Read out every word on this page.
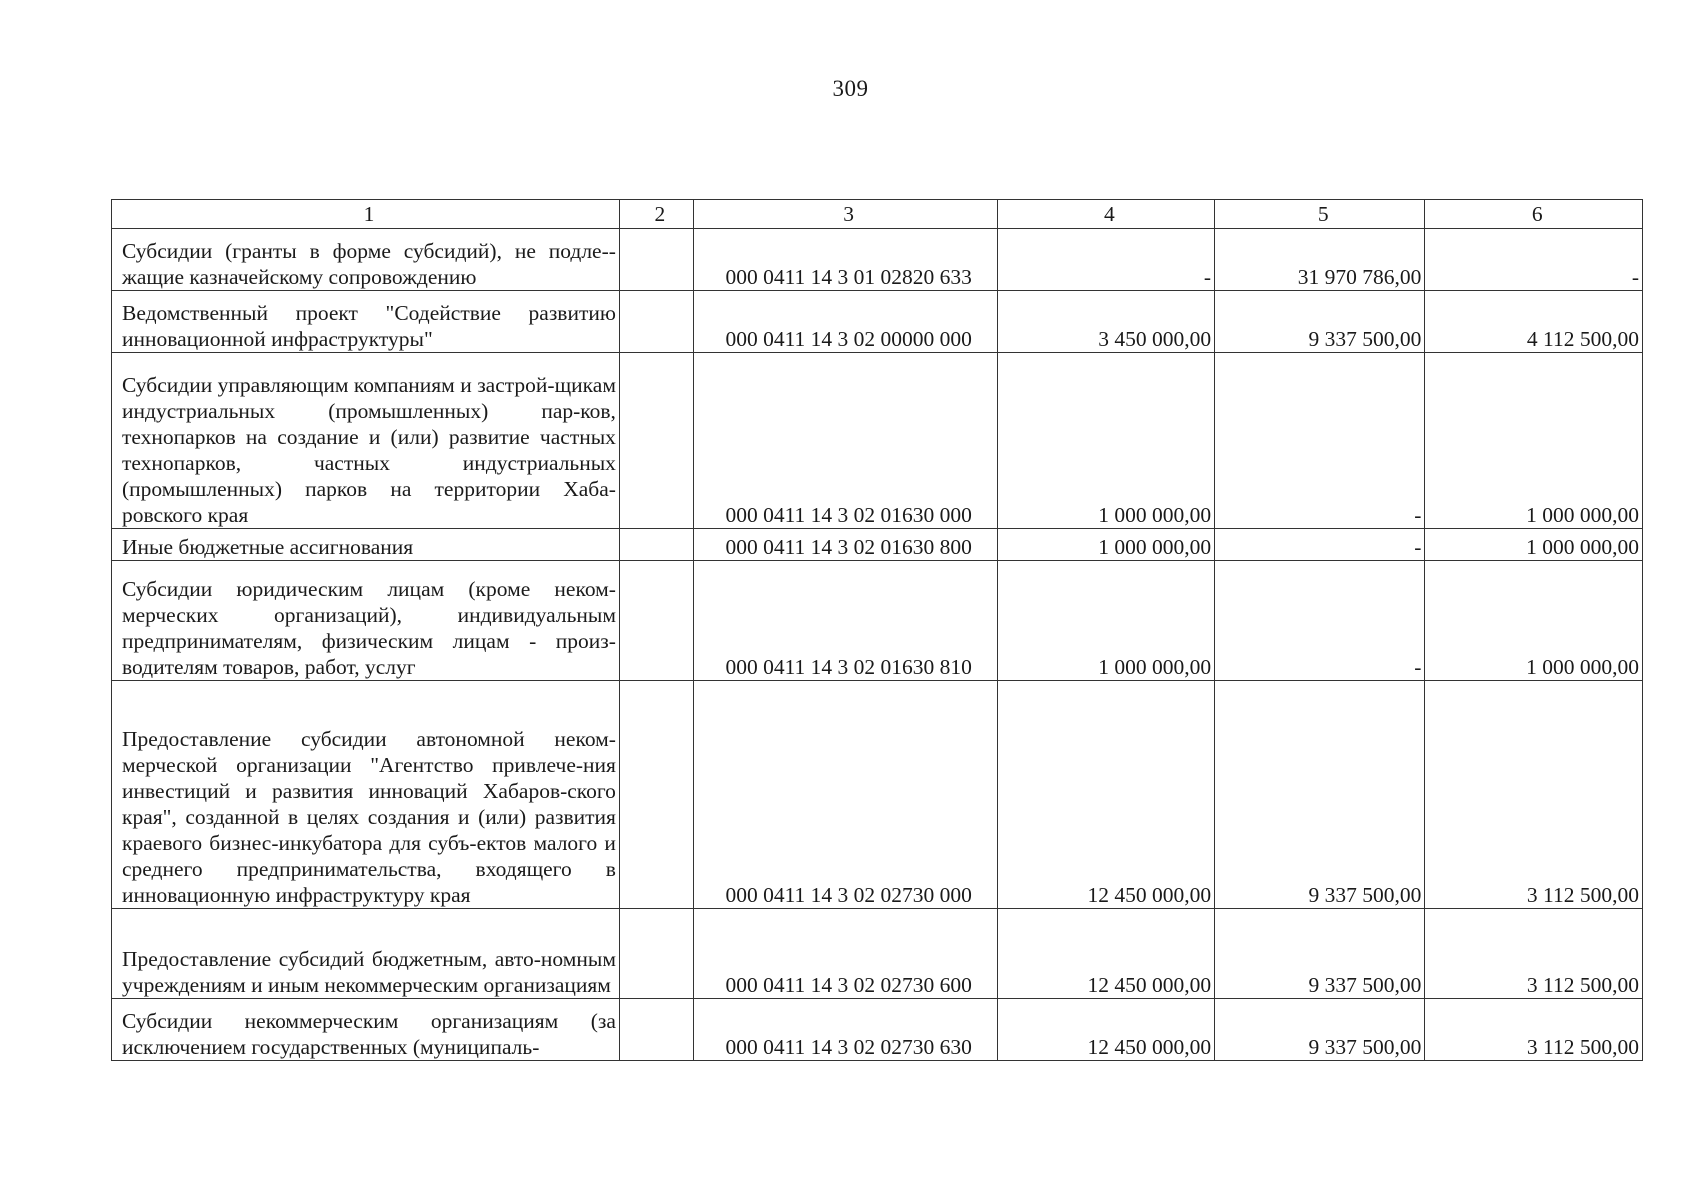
309
1	2	3	4	5	6
Субсидии (гранты в форме субсидий), не подле-жащие казначейскому сопровождению		000 0411 14 3 01 02820 633	-	31 970 786,00	-
Ведомственный проект "Содействие развитию инновационной инфраструктуры"		000 0411 14 3 02 00000 000	3 450 000,00	9 337 500,00	4 112 500,00
Субсидии управляющим компаниям и застрой-щикам индустриальных (промышленных) пар-ков, технопарков на создание и (или) развитие частных технопарков, частных индустриальных (промышленных) парков на территории Хаба-ровского края		000 0411 14 3 02 01630 000	1 000 000,00	-	1 000 000,00
Иные бюджетные ассигнования		000 0411 14 3 02 01630 800	1 000 000,00	-	1 000 000,00
Субсидии юридическим лицам (кроме неком-мерческих организаций), индивидуальным предпринимателям, физическим лицам - произ-водителям товаров, работ, услуг		000 0411 14 3 02 01630 810	1 000 000,00	-	1 000 000,00
Предоставление субсидии автономной неком-мерческой организации "Агентство привлече-ния инвестиций и развития инноваций Хабаров-ского края", созданной в целях создания и (или) развития краевого бизнес-инкубатора для субъ-ектов малого и среднего предпринимательства, входящего в инновационную инфраструктуру края		000 0411 14 3 02 02730 000	12 450 000,00	9 337 500,00	3 112 500,00
Предоставление субсидий бюджетным, авто-номным учреждениям и иным некоммерческим организациям		000 0411 14 3 02 02730 600	12 450 000,00	9 337 500,00	3 112 500,00
Субсидии некоммерческим организациям (за исключением государственных (муниципаль-		000 0411 14 3 02 02730 630	12 450 000,00	9 337 500,00	3 112 500,00
